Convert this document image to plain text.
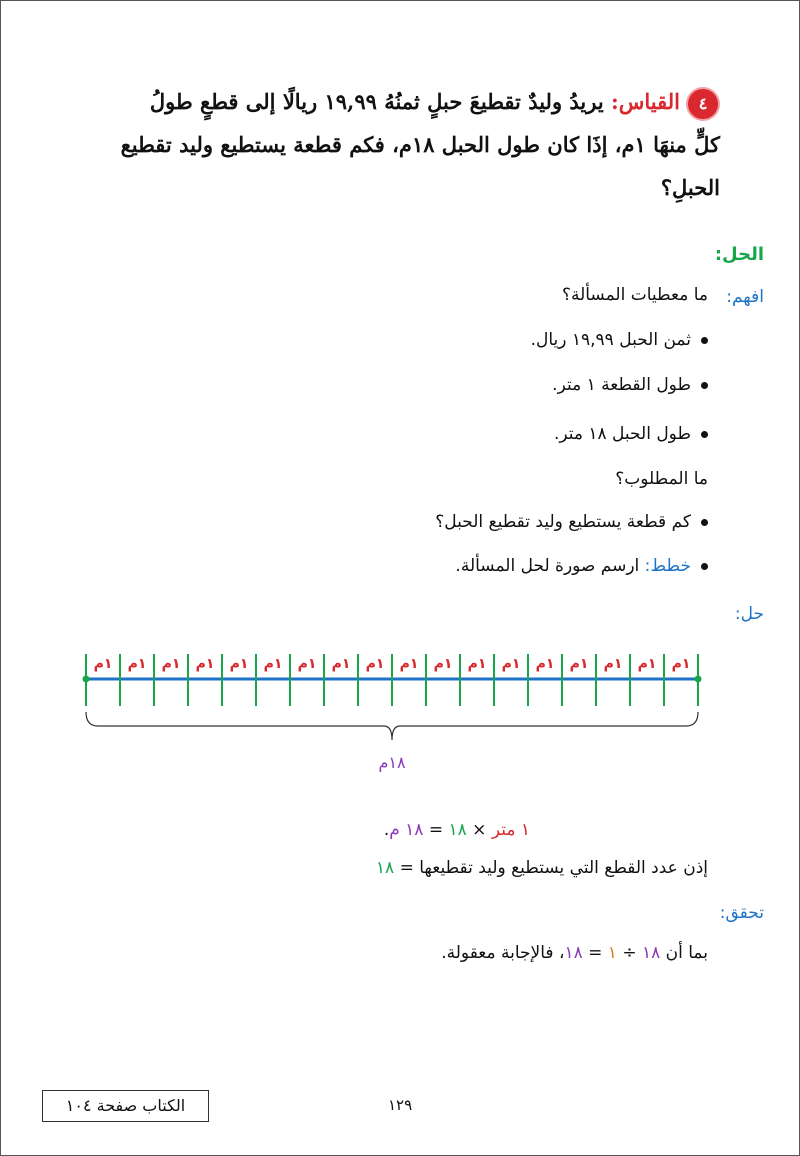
٤القياس: يريدُ وليدٌ تقطيعَ حبلٍ ثمنُهُ ١٩,٩٩ ريالًا إلى قطعٍ طولُ كلٍّ منهَا ١م، إذَا كان طول الحبل ١٨م، فكم قطعة يستطيع وليد تقطيع الحبلِ؟
الحل:
افهم:
ما معطيات المسألة؟
ثمن الحبل ١٩,٩٩ ريال.
طول القطعة ١ متر.
طول الحبل ١٨ متر.
ما المطلوب؟
كم قطعة يستطيع وليد تقطيع الحبل؟
خطط: ارسم صورة لحل المسألة.
حل:
١م ١م ١م ١م ١م ١م ١م ١م ١م ١م ١م ١م ١م ١م ١م ١م ١م ١م
١٨م
١ متر × ١٨ = ١٨ م.
إذن عدد القطع التي يستطيع وليد تقطيعها = ١٨
تحقق:
بما أن ١٨ ÷ ١ = ١٨، فالإجابة معقولة.
١٢٩
الكتاب صفحة ١٠٤
